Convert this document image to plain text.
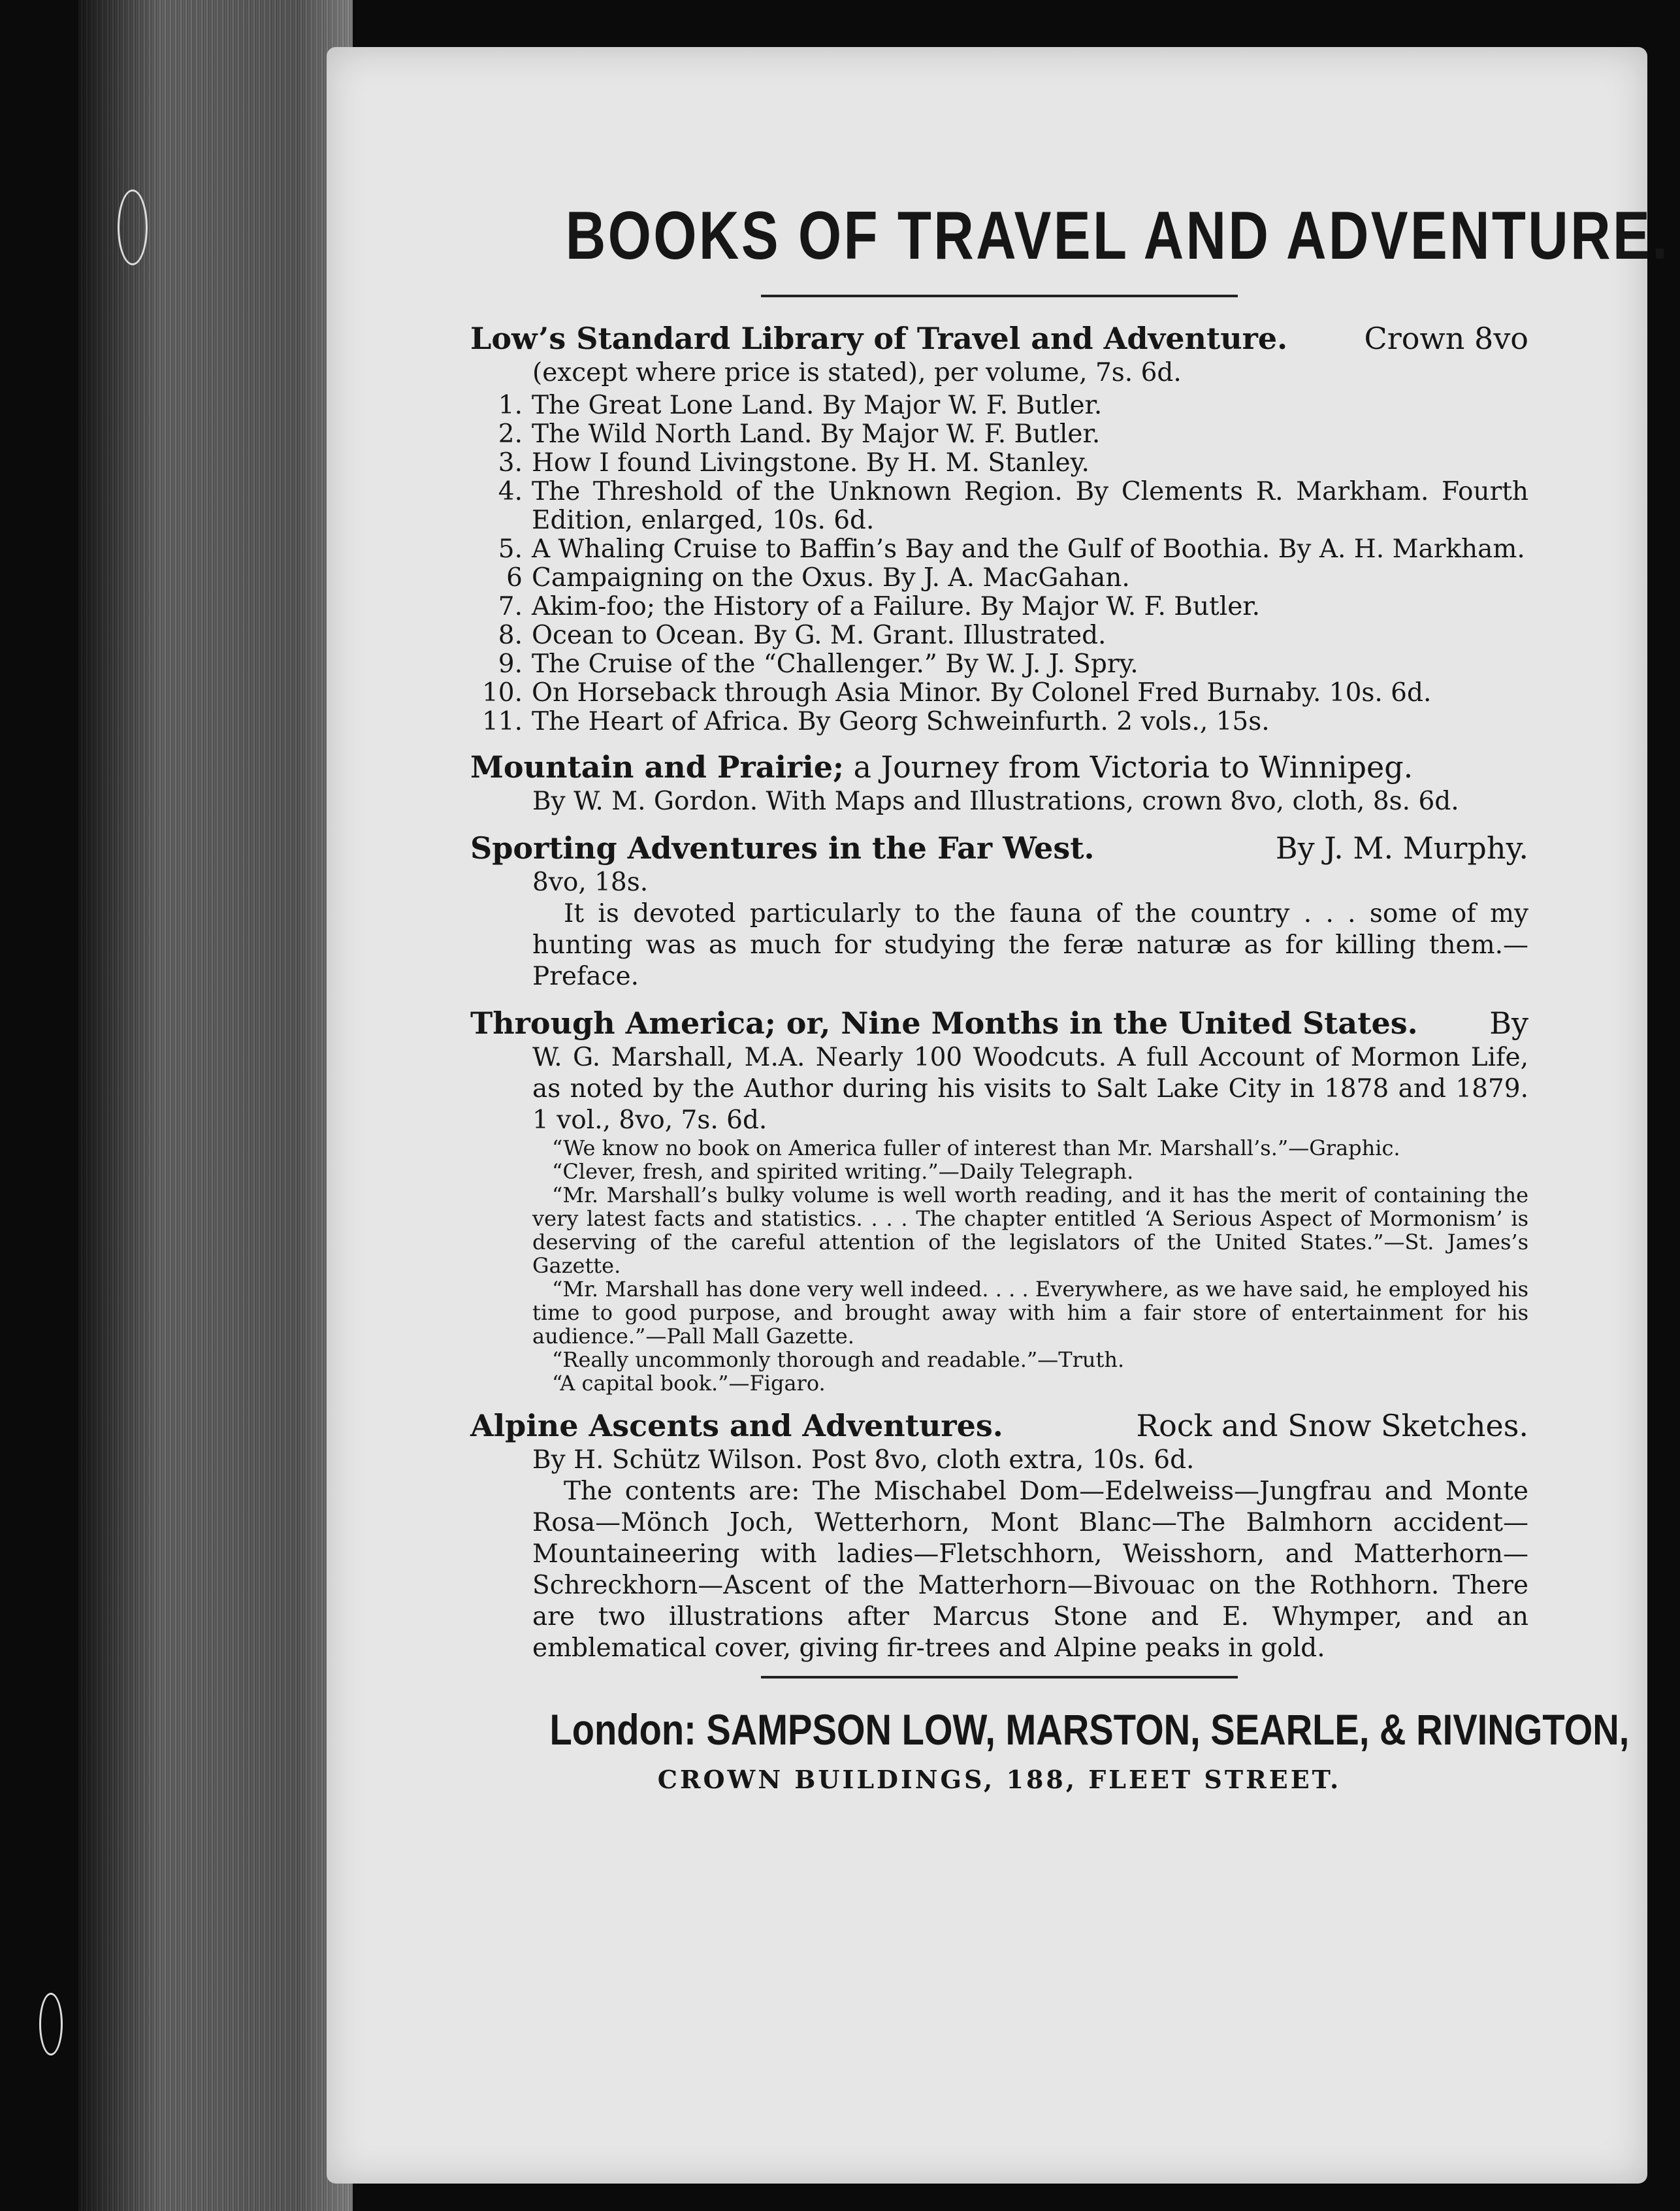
BOOKS OF TRAVEL AND ADVENTURE.
Low’s Standard Library of Travel and Adventure.	Crown 8vo
(except where price is stated), per volume, 7s. 6d.
1. The Great Lone Land. By Major W. F. Butler.
2. The Wild North Land. By Major W. F. Butler.
3. How I found Livingstone. By H. M. Stanley.
4. The Threshold of the Unknown Region. By Clements R. Markham. Fourth Edition, enlarged, 10s. 6d.
5. A Whaling Cruise to Baffin’s Bay and the Gulf of Boothia. By A. H. Markham.
6 Campaigning on the Oxus. By J. A. MacGahan.
7. Akim-foo; the History of a Failure. By Major W. F. Butler.
8. Ocean to Ocean. By G. M. Grant. Illustrated.
9. The Cruise of the “Challenger.” By W. J. J. Spry.
10. On Horseback through Asia Minor. By Colonel Fred Burnaby. 10s. 6d.
11. The Heart of Africa. By Georg Schweinfurth. 2 vols., 15s.
Mountain and Prairie; a Journey from Victoria to Winnipeg.
By W. M. Gordon. With Maps and Illustrations, crown 8vo, cloth, 8s. 6d.
Sporting Adventures in the Far West.	By J. M. Murphy.
8vo, 18s.
It is devoted particularly to the fauna of the country . . . some of my hunting was as much for studying the feræ naturæ as for killing them.—Preface.
Through America; or, Nine Months in the United States. By
W. G. Marshall, M.A. Nearly 100 Woodcuts. A full Account of Mormon Life, as noted by the Author during his visits to Salt Lake City in 1878 and 1879. 1 vol., 8vo, 7s. 6d.
“We know no book on America fuller of interest than Mr. Marshall’s.”—Graphic.
“Clever, fresh, and spirited writing.”—Daily Telegraph.
“Mr. Marshall’s bulky volume is well worth reading, and it has the merit of containing the very latest facts and statistics. . . . The chapter entitled ‘A Serious Aspect of Mormonism’ is deserving of the careful attention of the legislators of the United States.”—St. James’s Gazette.
“Mr. Marshall has done very well indeed. . . . Everywhere, as we have said, he employed his time to good purpose, and brought away with him a fair store of entertainment for his audience.”—Pall Mall Gazette.
“Really uncommonly thorough and readable.”—Truth.
“A capital book.”—Figaro.
Alpine Ascents and Adventures.	Rock and Snow Sketches.
By H. Schütz Wilson. Post 8vo, cloth extra, 10s. 6d.
The contents are: The Mischabel Dom—Edelweiss—Jungfrau and Monte Rosa—Mönch Joch, Wetterhorn, Mont Blanc—The Balmhorn accident—Mountaineering with ladies—Fletschhorn, Weisshorn, and Matterhorn—Schreckhorn—Ascent of the Matterhorn—Bivouac on the Rothhorn. There are two illustrations after Marcus Stone and E. Whymper, and an emblematical cover, giving fir-trees and Alpine peaks in gold.
London: SAMPSON LOW, MARSTON, SEARLE, & RIVINGTON,
CROWN BUILDINGS, 188, FLEET STREET.
